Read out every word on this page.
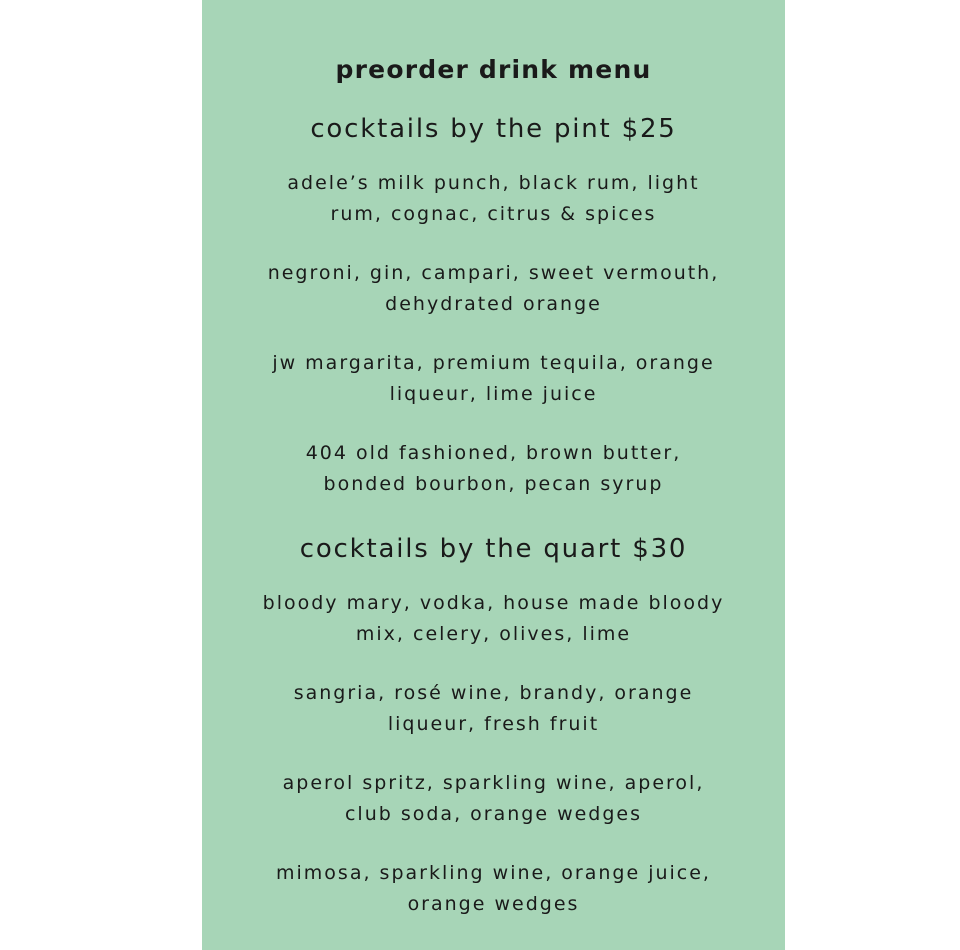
preorder drink menu
cocktails by the pint $25
adele’s milk punch, black rum, light
rum, cognac, citrus & spices
negroni, gin, campari, sweet vermouth,
dehydrated orange
jw margarita, premium tequila, orange
liqueur, lime juice
404 old fashioned, brown butter,
bonded bourbon, pecan syrup
cocktails by the quart $30
bloody mary, vodka, house made bloody
mix, celery, olives, lime
sangria, rosé wine, brandy, orange
liqueur, fresh fruit
aperol spritz, sparkling wine, aperol,
club soda, orange wedges
mimosa, sparkling wine, orange juice,
orange wedges
